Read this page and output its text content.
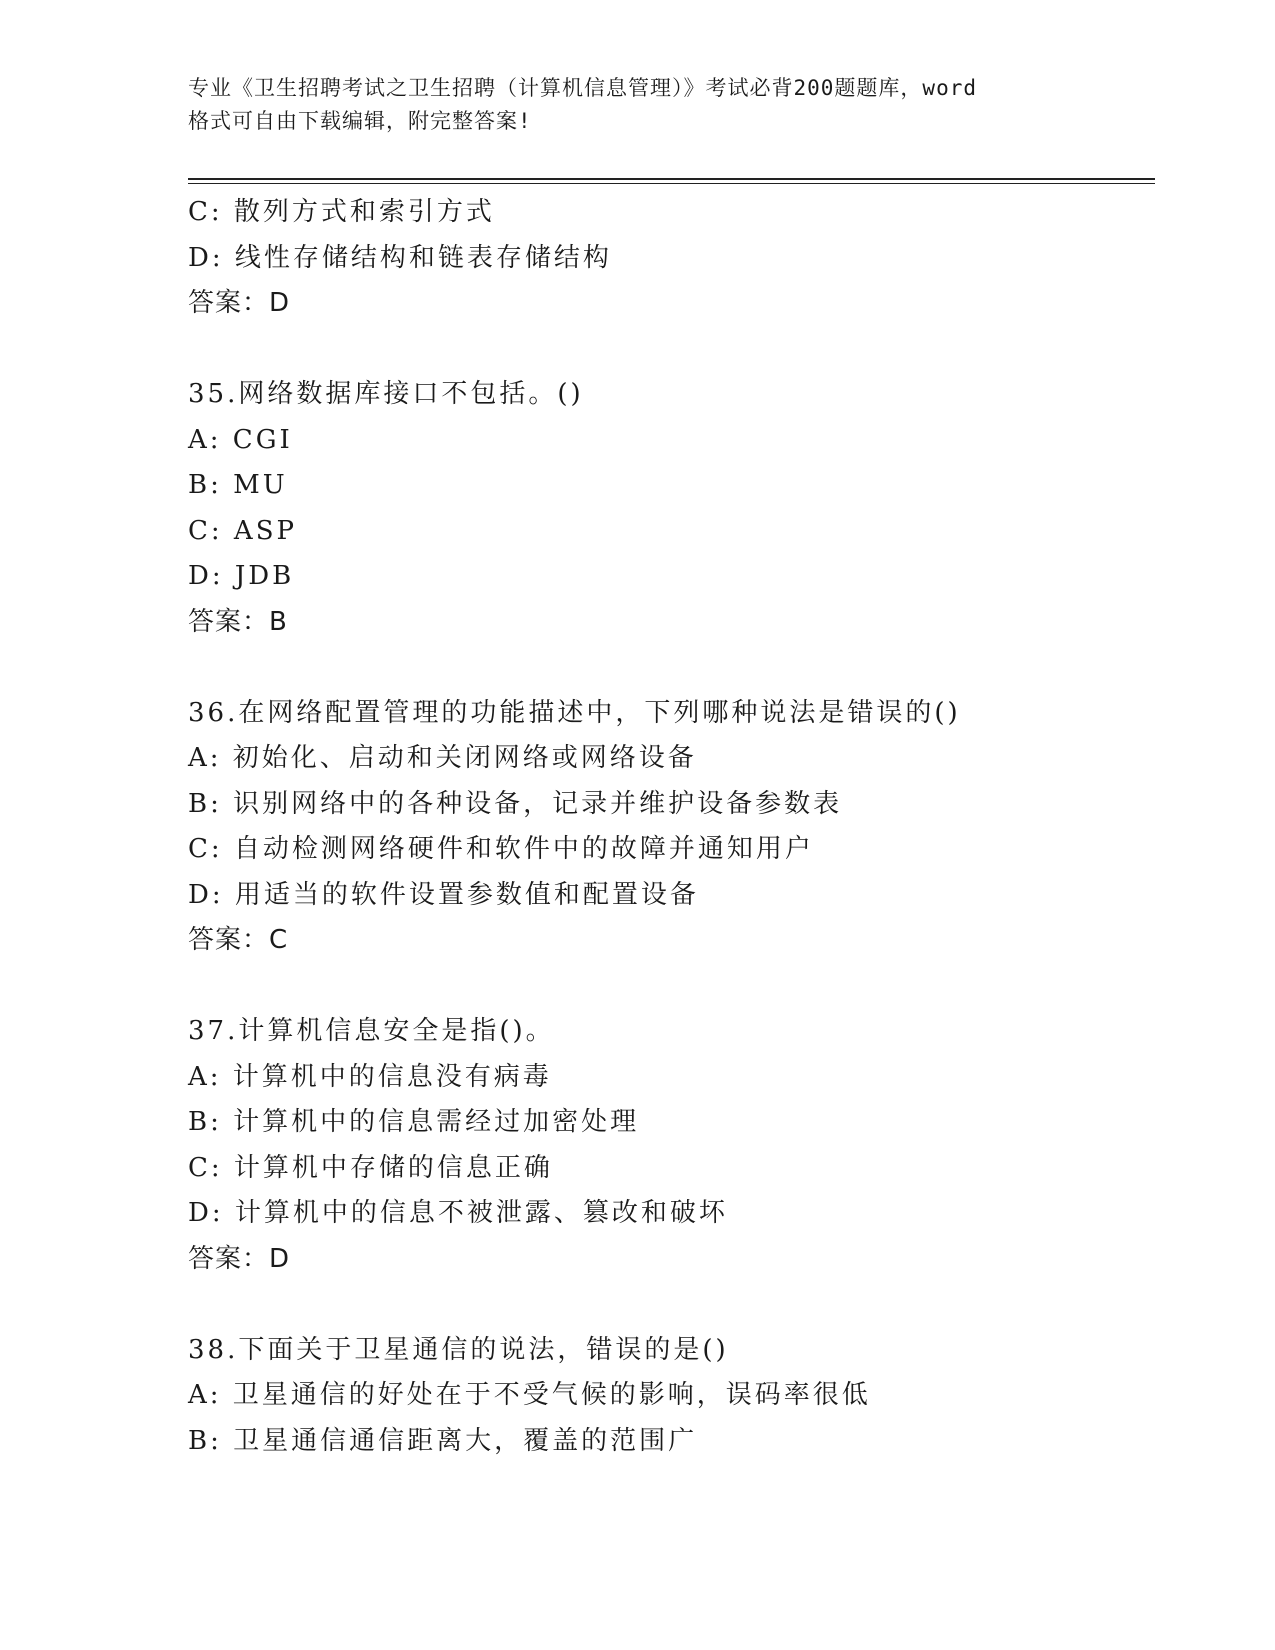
专业《卫生招聘考试之卫生招聘（计算机信息管理）》考试必背200题题库，word

格式可自由下载编辑，附完整答案!

C: 散列方式和索引方式

D: 线性存储结构和链表存储结构

答案：D

35.网络数据库接口不包括。()

A: CGI

B: MU

C: ASP

D: JDB

答案：B

36.在网络配置管理的功能描述中，下列哪种说法是错误的()

A: 初始化、启动和关闭网络或网络设备

B: 识别网络中的各种设备，记录并维护设备参数表

C: 自动检测网络硬件和软件中的故障并通知用户

D: 用适当的软件设置参数值和配置设备

答案：C

37.计算机信息安全是指()。

A: 计算机中的信息没有病毒

B: 计算机中的信息需经过加密处理

C: 计算机中存储的信息正确

D: 计算机中的信息不被泄露、篡改和破坏

答案：D

38.下面关于卫星通信的说法，错误的是()

A: 卫星通信的好处在于不受气候的影响，误码率很低

B: 卫星通信通信距离大，覆盖的范围广
